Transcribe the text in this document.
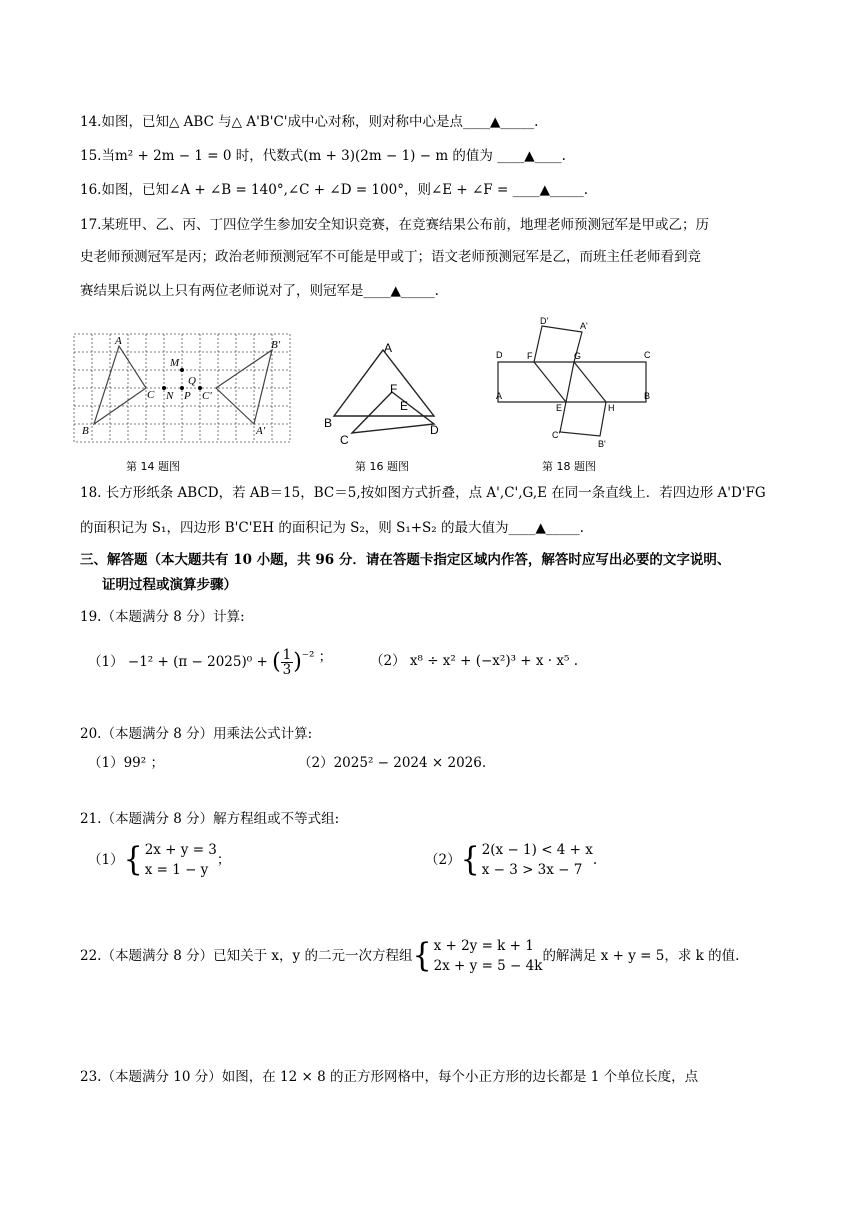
14.如图，已知△ ABC 与△ A'B'C'成中心对称，则对称中心是点____▲_____.
15.当m² + 2m − 1 = 0 时，代数式(m + 3)(2m − 1) − m 的值为 ____▲____.
16.如图，已知∠A + ∠B = 140°,∠C + ∠D = 100°，则∠E + ∠F = ____▲_____.
17.某班甲、乙、丙、丁四位学生参加安全知识竞赛，在竞赛结果公布前，地理老师预测冠军是甲或乙；历
史老师预测冠军是丙；政治老师预测冠军不可能是甲或丁；语文老师预测冠军是乙，而班主任老师看到竞
赛结果后说以上只有两位老师说对了，则冠军是____▲_____.
A
B
C N
M
Q
P C'
A'
B'
第 14 题图
A
B
C
D
E
F
第 16 题图
D'	A'
D	F	G	C
A
E	H
B
C'
B'
第 18 题图
18. 长方形纸条 ABCD，若 AB＝15，BC＝5,按如图方式折叠，点 A',C',G,E 在同一条直线上．若四边形 A'D'FG
的面积记为 S₁，四边形 B'C'EH 的面积记为 S₂，则 S₁+S₂ 的最大值为____▲_____.
三、解答题（本大题共有 10 小题，共 96 分．请在答题卡指定区域内作答，解答时应写出必要的文字说明、
证明过程或演算步骤）
19.（本题满分 8 分）计算:
（1） −1² + (π − 2025)⁰ + ( $\frac{1}{3} )^{-2}$ ；	（2） x⁸ ÷ x² + (−x²)³ + x · x⁵ .
20.（本题满分 8 分）用乘法公式计算:
（1）99² ；	（2）2025² − 2024 × 2026.
21.（本题满分 8 分）解方程组或不等式组:
（1）{ 2x + y = 3
x = 1 − y
；	（2）{ 2(x − 1) < 4 + x
x − 3 > 3x − 7
.
22.（本题满分 8 分）已知关于 x，y 的二元一次方程组{ x + 2y = k + 1
2x + y = 5 − 4k
的解满足 x + y = 5，求 k 的值.
23.（本题满分 10 分）如图，在 12 × 8 的正方形网格中，每个小正方形的边长都是 1 个单位长度，点
